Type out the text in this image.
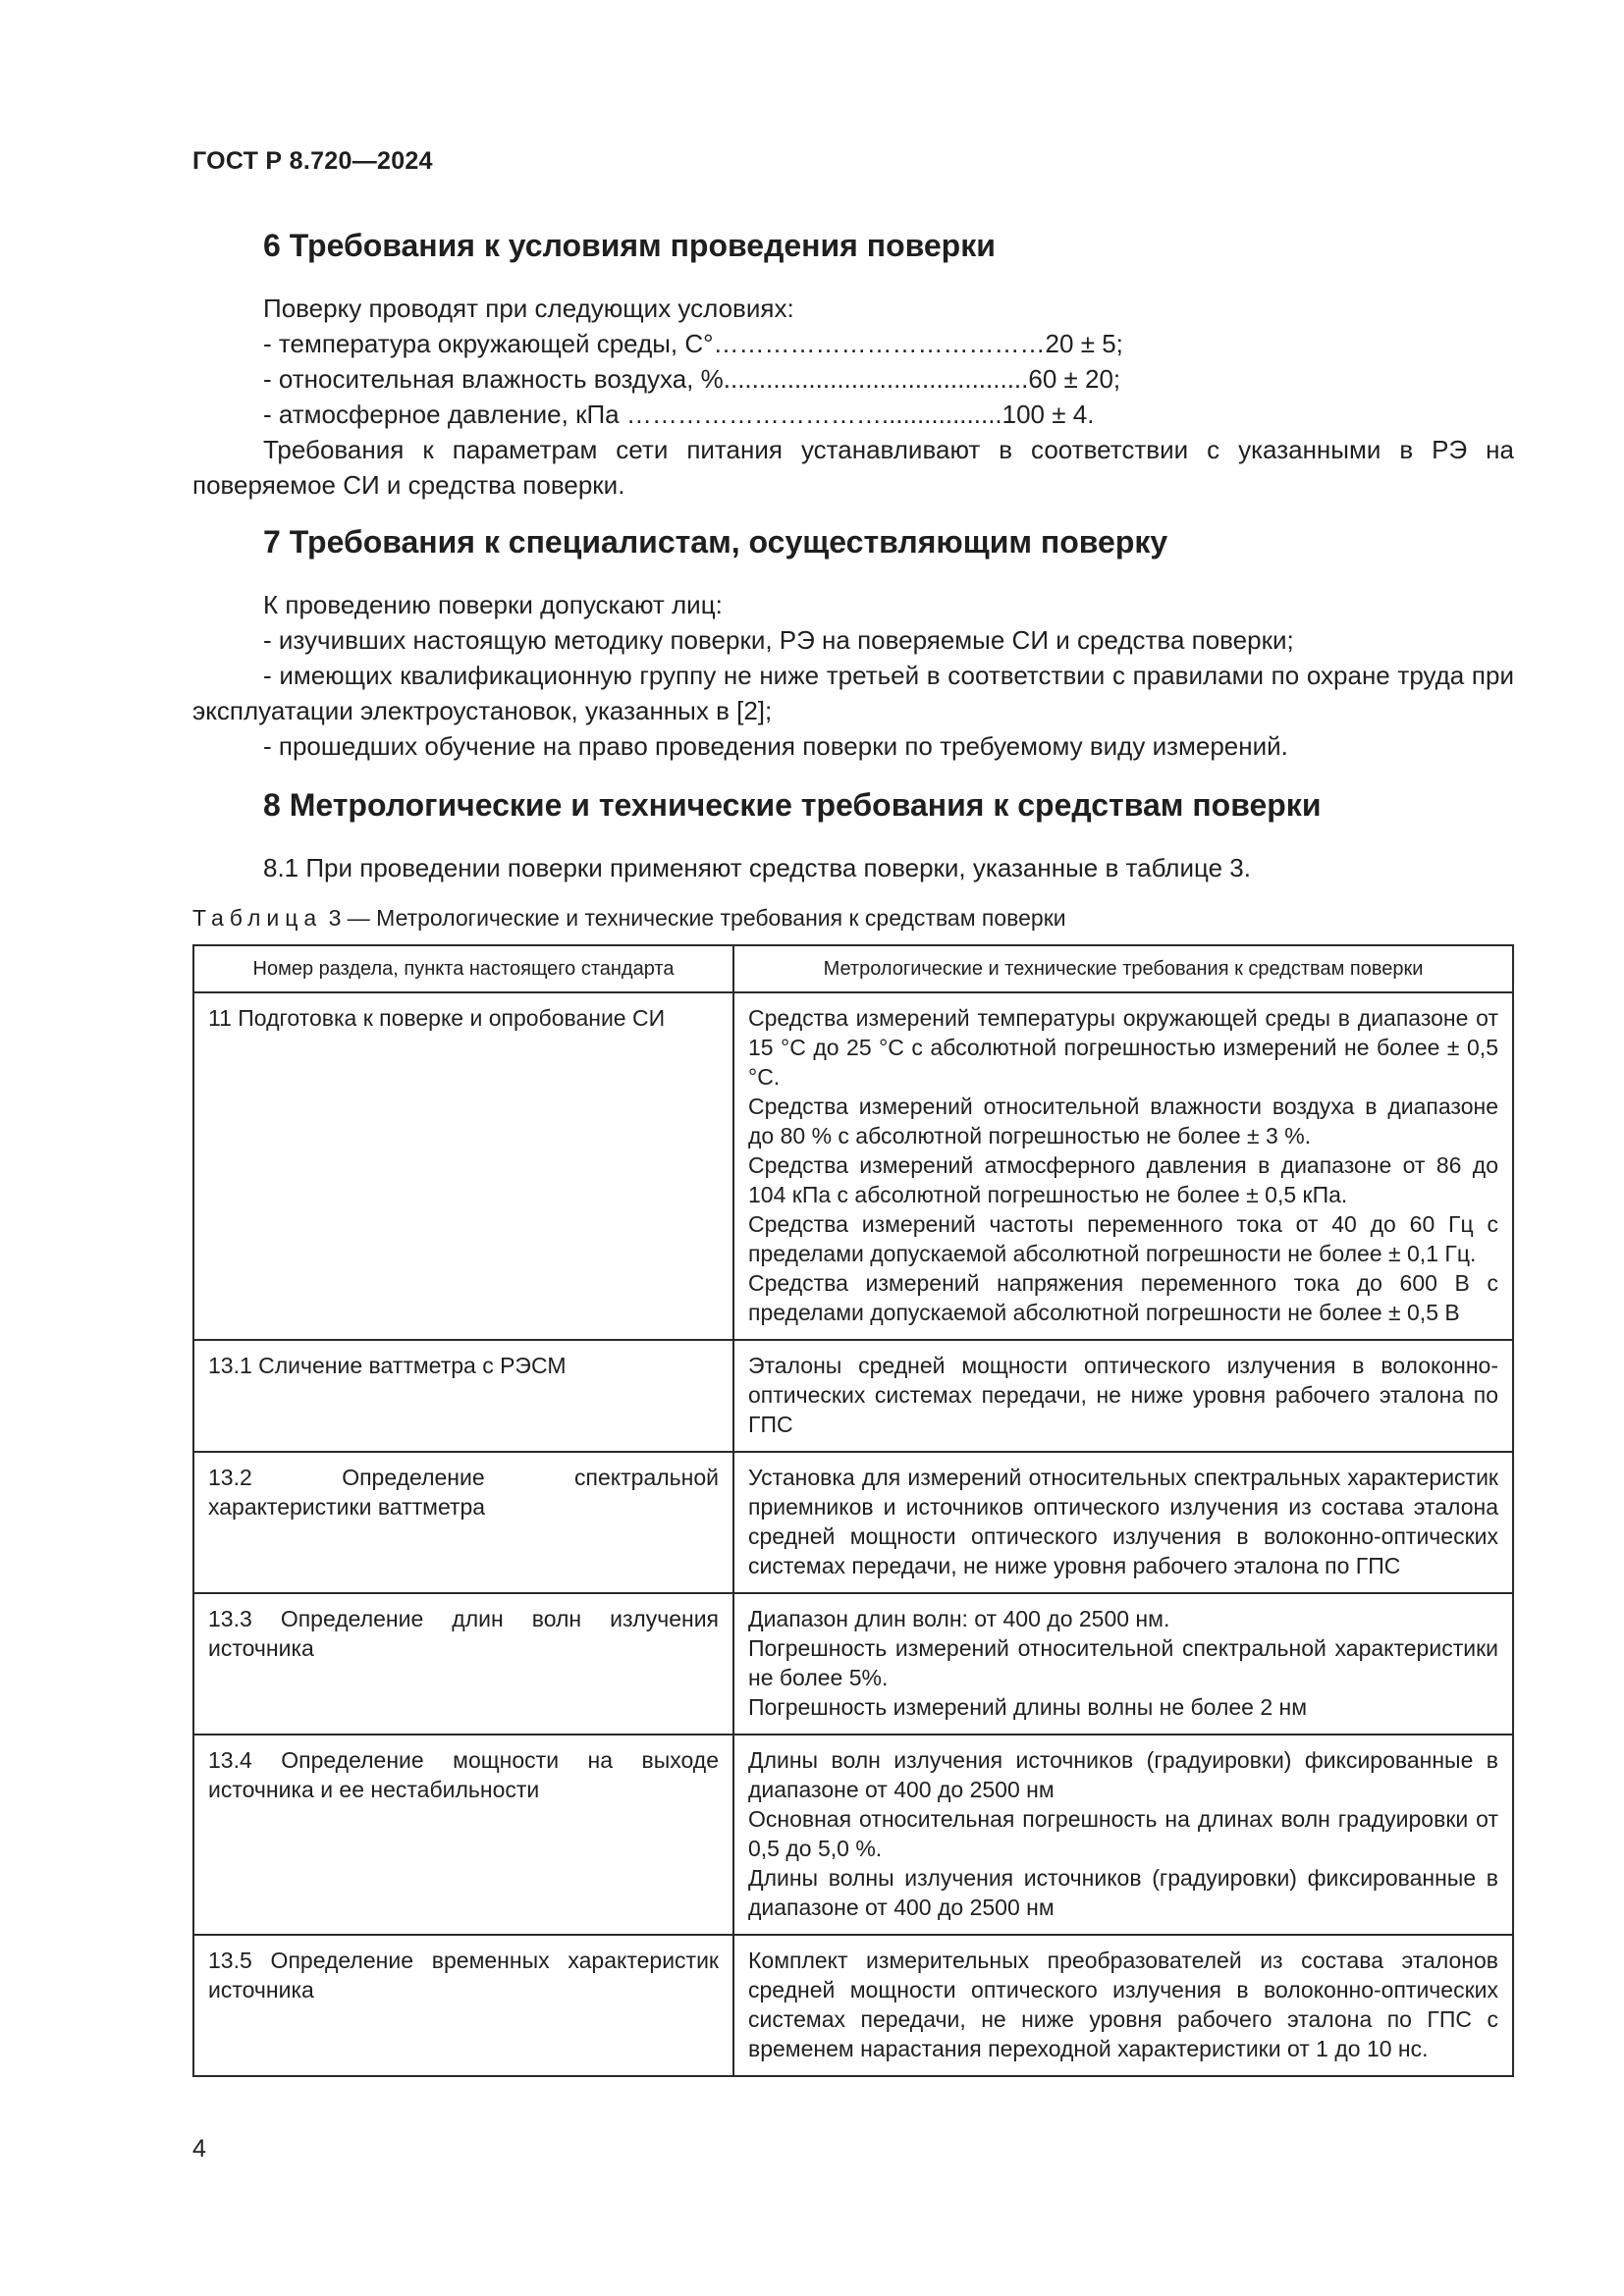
ГОСТ Р 8.720—2024
6 Требования к условиям проведения поверки

Поверку проводят при следующих условиях:

- температура окружающей среды, С°…………………………………20 ± 5;

- относительная влажность воздуха, %...........................................60 ± 20;

- атмосферное давление, кПа ………………………….................100 ± 4.

Требования к параметрам сети питания устанавливают в соответствии с указанными в РЭ на поверяемое СИ и средства поверки.

7 Требования к специалистам, осуществляющим поверку

К проведению поверки допускают лиц:

- изучивших настоящую методику поверки, РЭ на поверяемые СИ и средства поверки;

- имеющих квалификационную группу не ниже третьей в соответствии с правилами по охране труда при эксплуатации электроустановок, указанных в [2];

- прошедших обучение на право проведения поверки по требуемому виду измерений.

8 Метрологические и технические требования к средствам поверки

8.1 При проведении поверки применяют средства поверки, указанные в таблице 3.

Таблица 3 — Метрологические и технические требования к средствам поверки
Номер раздела, пункта настоящего стандарта	Метрологические и технические требования к средствам поверки
11 Подготовка к поверке и опробование СИ	Средства измерений температуры окружающей среды в диапазоне от 15 °С до 25 °С с абсолютной погрешностью измерений не более ± 0,5 °С.
Средства измерений относительной влажности воздуха в диапазоне до 80 % с абсолютной погрешностью не более ± 3 %.
Средства измерений атмосферного давления в диапазоне от 86 до 104 кПа с абсолютной погрешностью не более ± 0,5 кПа.
Средства измерений частоты переменного тока от 40 до 60 Гц с пределами допускаемой абсолютной погрешности не более ± 0,1 Гц.
Средства измерений напряжения переменного тока до 600 В с пределами допускаемой абсолютной погрешности не более ± 0,5 В

13.1 Сличение ваттметра с РЭСМ	Эталоны средней мощности оптического излучения в волоконно-оптических системах передачи, не ниже уровня рабочего эталона по ГПС

13.2 Определение спектральной характеристики ваттметра	Установка для измерений относительных спектральных характеристик приемников и источников оптического излучения из состава эталона средней мощности оптического излучения в волоконно-оптических системах передачи, не ниже уровня рабочего эталона по ГПС

13.3 Определение длин волн излучения источника	Диапазон длин волн: от 400 до 2500 нм.
Погрешность измерений относительной спектральной характеристики не более 5%.
Погрешность измерений длины волны не более 2 нм

13.4 Определение мощности на выходе источника и ее нестабильности	Длины волн излучения источников (градуировки) фиксированные в диапазоне от 400 до 2500 нм
Основная относительная погрешность на длинах волн градуировки от 0,5 до 5,0 %.
Длины волны излучения источников (градуировки) фиксированные в диапазоне от 400 до 2500 нм

13.5 Определение временных характеристик источника	Комплект измерительных преобразователей из состава эталонов средней мощности оптического излучения в волоконно-оптических системах передачи, не ниже уровня рабочего эталона по ГПС с временем нарастания переходной характеристики от 1 до 10 нс.
4
